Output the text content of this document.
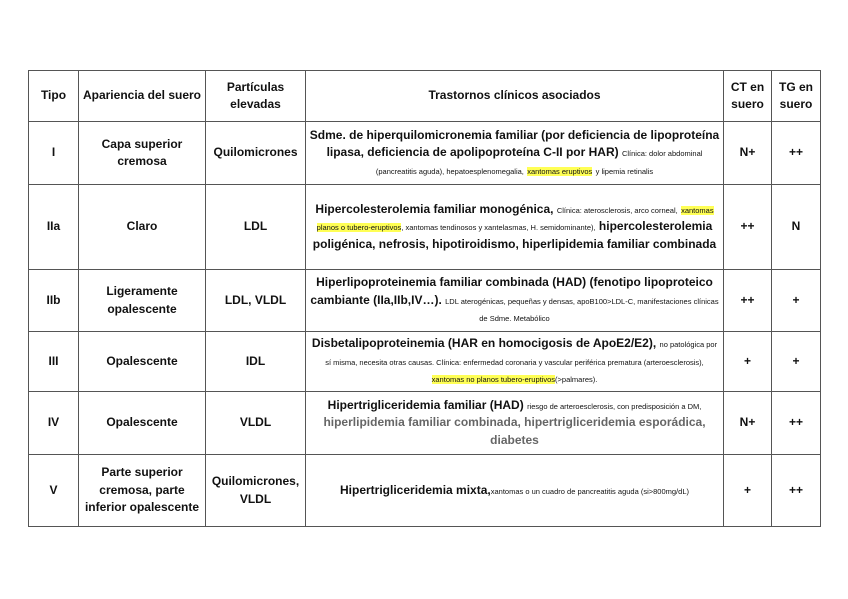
Tipo	Apariencia del suero	Partículas elevadas	Trastornos clínicos asociados	CT en suero	TG en suero
I	Capa superior cremosa	Quilomicrones	Sdme. de hiperquilomicronemia familiar (por deficiencia de lipoproteína lipasa, deficiencia de apolipoproteína C-II por HAR) Clínica: dolor abdominal (pancreatitis aguda), hepatoesplenomegalia, xantomas eruptivos y lipemia retinalis	N+	++
IIa	Claro	LDL	Hipercolesterolemia familiar monogénica, Clínica: aterosclerosis, arco corneal, xantomas planos o tubero-eruptivos, xantomas tendinosos y xantelasmas, H. semidominante), hipercolesterolemia poligénica, nefrosis, hipotiroidismo, hiperlipidemia familiar combinada	++	N
IIb	Ligeramente opalescente	LDL, VLDL	Hiperlipoproteinemia familiar combinada (HAD) (fenotipo lipoproteico cambiante (IIa,IIb,IV…). LDL aterogénicas, pequeñas y densas, apoB100>LDL-C, manifestaciones clínicas de Sdme. Metabólico	++	+
III	Opalescente	IDL	Disbetalipoproteinemia (HAR en homocigosis de ApoE2/E2), no patológica por sí misma, necesita otras causas. Clínica: enfermedad coronaria y vascular periférica prematura (arteroesclerosis), xantomas no planos tubero-eruptivos(>palmares).	+	+
IV	Opalescente	VLDL	Hipertrigliceridemia familiar (HAD) riesgo de arteroesclerosis, con predisposición a DM, hiperlipidemia familiar combinada, hipertrigliceridemia esporádica, diabetes	N+	++
V	Parte superior cremosa, parte inferior opalescente	Quilomicrones, VLDL	Hipertrigliceridemia mixta,xantomas o un cuadro de pancreatitis aguda (si>800mg/dL)	+	++
